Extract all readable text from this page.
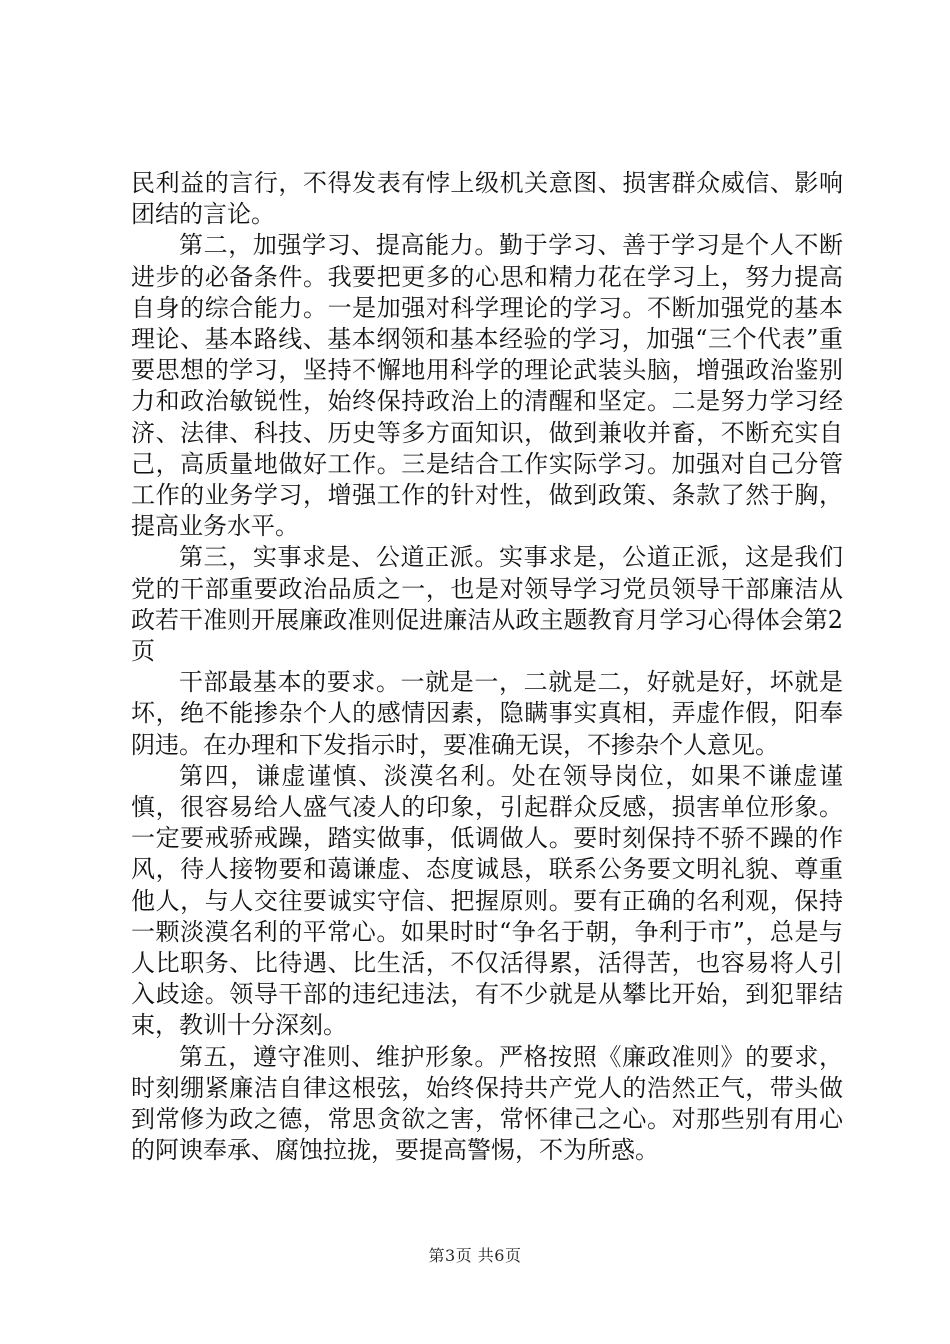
民利益的言行，不得发表有悖上级机关意图、损害群众威信、影响团结的言论。

第二，加强学习、提高能力。勤于学习、善于学习是个人不断进步的必备条件。我要把更多的心思和精力花在学习上，努力提高自身的综合能力。一是加强对科学理论的学习。不断加强党的基本理论、基本路线、基本纲领和基本经验的学习，加强“三个代表”重要思想的学习，坚持不懈地用科学的理论武装头脑，增强政治鉴别力和政治敏锐性，始终保持政治上的清醒和坚定。二是努力学习经济、法律、科技、历史等多方面知识，做到兼收并畜，不断充实自己，高质量地做好工作。三是结合工作实际学习。加强对自己分管工作的业务学习，增强工作的针对性，做到政策、条款了然于胸，提高业务水平。

第三，实事求是、公道正派。实事求是，公道正派，这是我们党的干部重要政治品质之一，也是对领导学习党员领导干部廉洁从政若干准则开展廉政准则促进廉洁从政主题教育月学习心得体会第2页

干部最基本的要求。一就是一，二就是二，好就是好，坏就是坏，绝不能掺杂个人的感情因素，隐瞒事实真相，弄虚作假，阳奉阴违。在办理和下发指示时，要准确无误，不掺杂个人意见。

第四，谦虚谨慎、淡漠名利。处在领导岗位，如果不谦虚谨慎，很容易给人盛气凌人的印象，引起群众反感，损害单位形象。一定要戒骄戒躁，踏实做事，低调做人。要时刻保持不骄不躁的作风，待人接物要和蔼谦虚、态度诚恳，联系公务要文明礼貌、尊重他人，与人交往要诚实守信、把握原则。要有正确的名利观，保持一颗淡漠名利的平常心。如果时时“争名于朝，争利于市”，总是与人比职务、比待遇、比生活，不仅活得累，活得苦，也容易将人引入歧途。领导干部的违纪违法，有不少就是从攀比开始，到犯罪结束，教训十分深刻。

第五，遵守准则、维护形象。严格按照《廉政准则》的要求，时刻绷紧廉洁自律这根弦，始终保持共产党人的浩然正气，带头做到常修为政之德，常思贪欲之害，常怀律己之心。对那些别有用心的阿谀奉承、腐蚀拉拢，要提高警惕，不为所惑。

第3页 共6页
